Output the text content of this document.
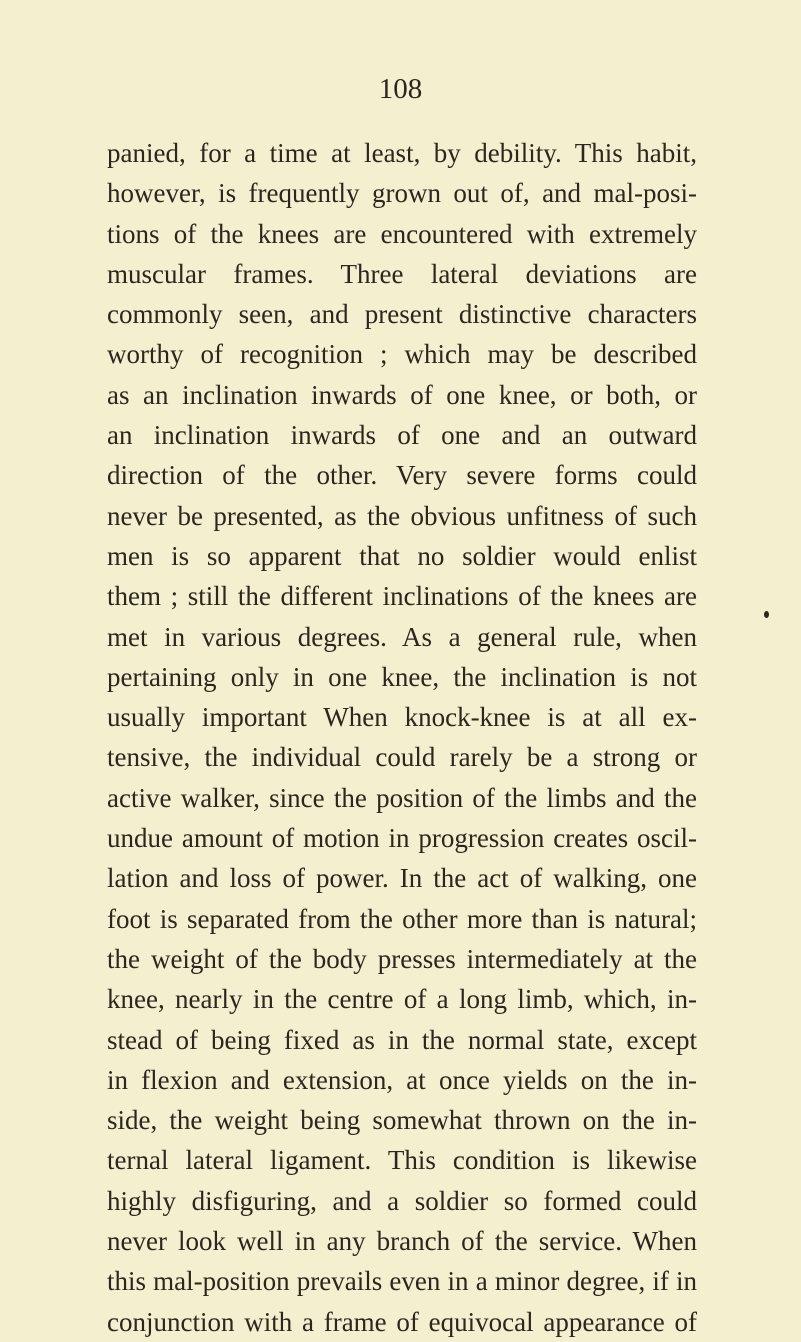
108
panied, for a time at least, by debility. This habit,
however, is frequently grown out of, and mal-posi-
tions of the knees are encountered with extremely
muscular frames. Three lateral deviations are
commonly seen, and present distinctive characters
worthy of recognition ; which may be described
as an inclination inwards of one knee, or both, or
an inclination inwards of one and an outward
direction of the other. Very severe forms could
never be presented, as the obvious unfitness of such
men is so apparent that no soldier would enlist
them ; still the different inclinations of the knees are
met in various degrees. As a general rule, when
pertaining only in one knee, the inclination is not
usually important When knock-knee is at all ex-
tensive, the individual could rarely be a strong or
active walker, since the position of the limbs and the
undue amount of motion in progression creates oscil-
lation and loss of power. In the act of walking, one
foot is separated from the other more than is natural;
the weight of the body presses intermediately at the
knee, nearly in the centre of a long limb, which, in-
stead of being fixed as in the normal state, except
in flexion and extension, at once yields on the in-
side, the weight being somewhat thrown on the in-
ternal lateral ligament. This condition is likewise
highly disfiguring, and a soldier so formed could
never look well in any branch of the service. When
this mal-position prevails even in a minor degree, if in
conjunction with a frame of equivocal appearance of
